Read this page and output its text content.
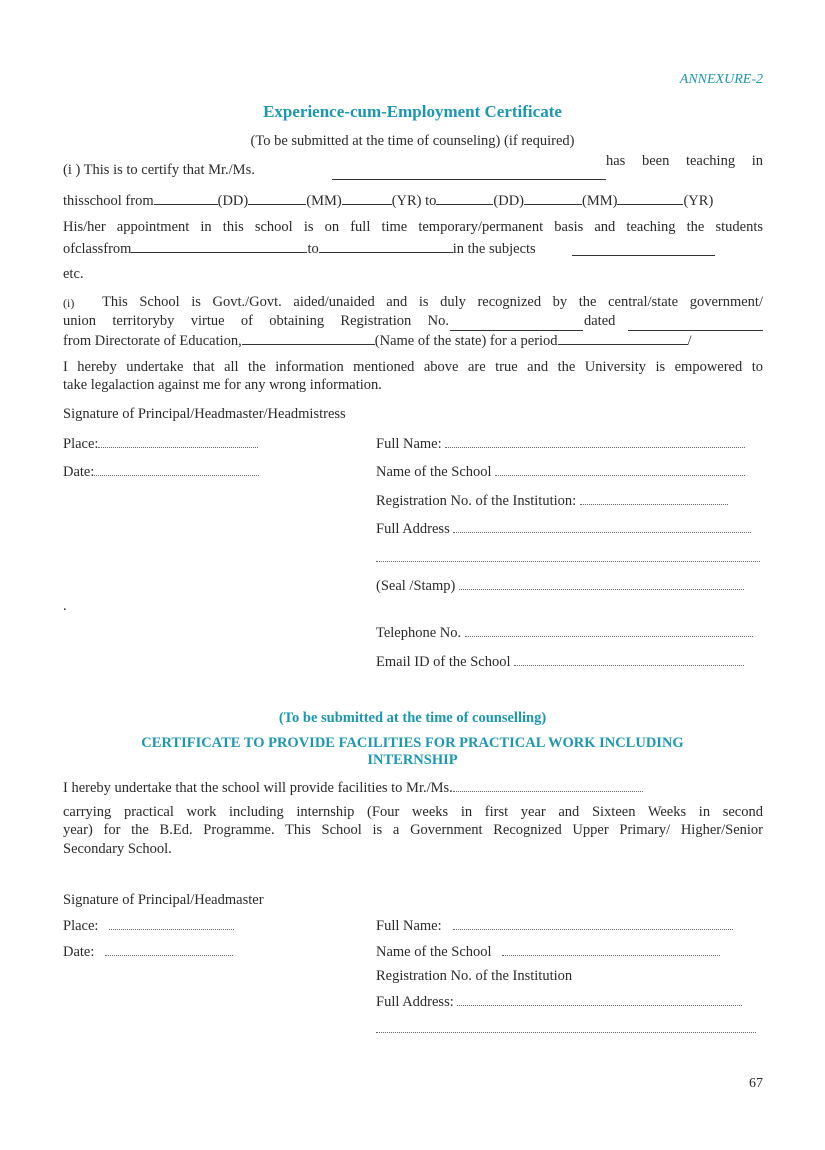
ANNEXURE-2
Experience-cum-Employment Certificate
(To be submitted at the time of counseling) (if required)
(i ) This is to certify that Mr./Ms.
has been teaching in
thisschool from	(DD)	(MM)	(YR) to	(DD)	(MM)	(YR)
His/her appointment in this school is on full time temporary/permanent basis and teaching the students
ofclassfrom	to	in the subjects
etc.
(i) This School is Govt./Govt. aided/unaided and is duly recognized by the central/state government/
union territoryby virtue of obtaining Registration No.	dated
from Directorate of Education,	(Name of the state) for a period	/
I hereby undertake that all the information mentioned above are true and the University is empowered to
take legalaction against me for any wrong information.
Signature of Principal/Headmaster/Headmistress
Place:
Date:
.
Full Name:
Name of the School
Registration No. of the Institution:
Full Address
(Seal /Stamp)
Telephone No.
Email ID of the School
(To be submitted at the time of counselling)
CERTIFICATE TO PROVIDE FACILITIES FOR PRACTICAL WORK INCLUDING
INTERNSHIP
I hereby undertake that the school will provide facilities to Mr./Ms.
carrying practical work including internship (Four weeks in first year and Sixteen Weeks in second
year) for the B.Ed. Programme. This School is a Government Recognized Upper Primary/ Higher/Senior
Secondary School.
Signature of Principal/Headmaster
Place:
Date:
Full Name:
Name of the School
Registration No. of the Institution
Full Address:
67
